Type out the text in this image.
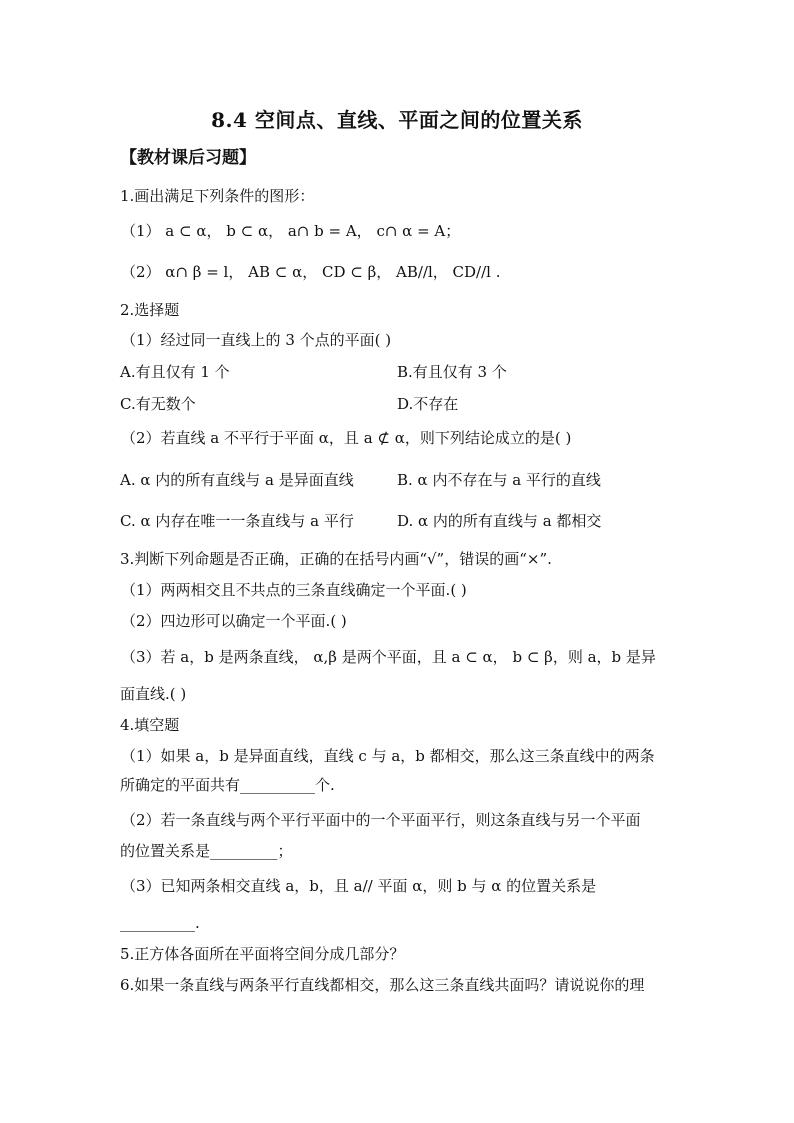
8.4 空间点、直线、平面之间的位置关系
【教材课后习题】
1.画出满足下列条件的图形：
（1） a ⊂ α， b ⊂ α， a∩ b = A， c∩ α = A；
（2） α∩ β = l， AB ⊂ α， CD ⊂ β， AB//l， CD//l .
2.选择题
（1）经过同一直线上的 3 个点的平面( )
A.有且仅有 1 个	B.有且仅有 3 个
C.有无数个	D.不存在
（2）若直线 a 不平行于平面 α，且 a ⊄ α，则下列结论成立的是( )
A. α 内的所有直线与 a 是异面直线	B. α 内不存在与 a 平行的直线
C. α 内存在唯一一条直线与 a 平行	D. α 内的所有直线与 a 都相交
3.判断下列命题是否正确，正确的在括号内画“√”，错误的画“×”.
（1）两两相交且不共点的三条直线确定一个平面.( )
（2）四边形可以确定一个平面.( )
（3）若 a，b 是两条直线， α,β 是两个平面，且 a ⊂ α， b ⊂ β，则 a，b 是异
面直线.( )
4.填空题
（1）如果 a，b 是异面直线，直线 c 与 a，b 都相交，那么这三条直线中的两条
所确定的平面共有__________个.
（2）若一条直线与两个平行平面中的一个平面平行，则这条直线与另一个平面
的位置关系是_________；
（3）已知两条相交直线 a，b，且 a// 平面 α，则 b 与 α 的位置关系是
__________.
5.正方体各面所在平面将空间分成几部分？
6.如果一条直线与两条平行直线都相交，那么这三条直线共面吗？请说说你的理
